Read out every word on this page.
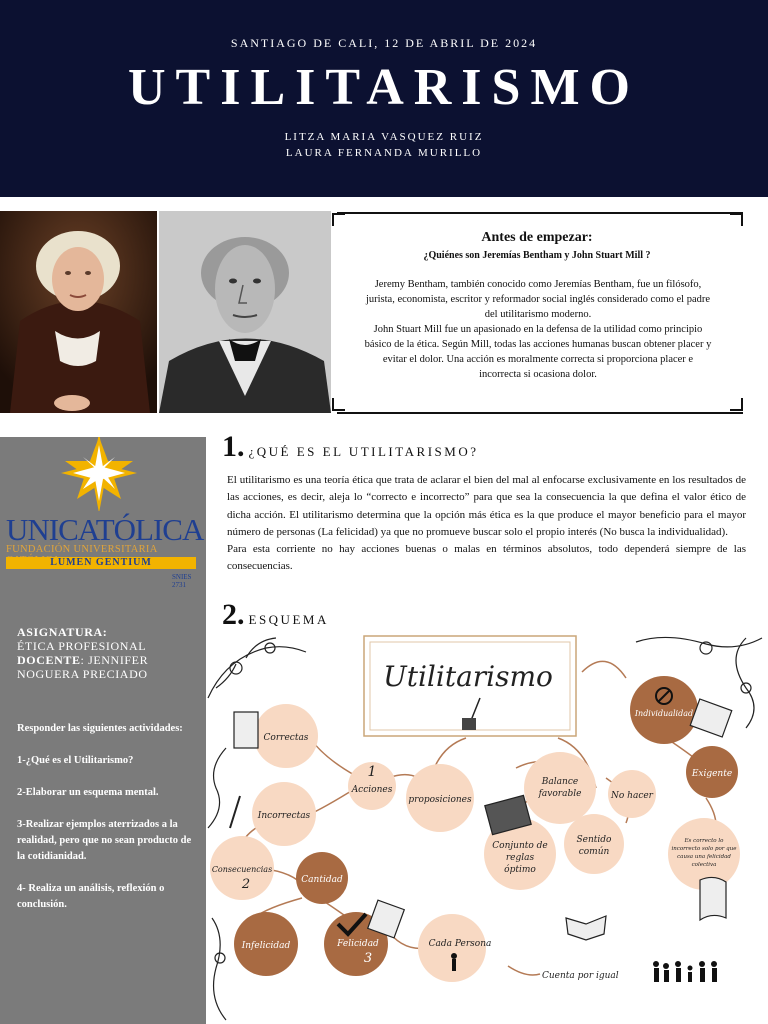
SANTIAGO DE CALI, 12 DE ABRIL DE 2024
UTILITARISMO
LITZA MARIA VASQUEZ RUIZ
LAURA FERNANDA MURILLO
Antes de empezar:
¿Quiénes son Jeremías Bentham y John Stuart Mill ?
Jeremy Bentham, también conocido como Jeremías Bentham, fue un filósofo, jurista, economista, escritor y reformador social inglés considerado como el padre del utilitarismo moderno.
John Stuart Mill fue un apasionado en la defensa de la utilidad como principio básico de la ética. Según Mill, todas las acciones humanas buscan obtener placer y evitar el dolor. Una acción es moralmente correcta si proporciona placer e incorrecta si ocasiona dolor.
UNICATÓLICA
FUNDACIÓN UNIVERSITARIA
LUMEN GENTIUM
SNIES 2731
ASIGNATURA:
ÉTICA PROFESIONAL
DOCENTE: JENNIFER NOGUERA PRECIADO

Responder las siguientes actividades:

1-¿Qué es el Utilitarismo?

2-Elaborar un esquema mental.

3-Realizar ejemplos aterrizados a la realidad, pero que no sean producto de la cotidianidad.

4- Realiza un análisis, reflexión o conclusión.

1. ¿QUÉ ES EL UTILITARISMO?

El utilitarismo es una teoría ética que trata de aclarar el bien del mal al enfocarse exclusivamente en los resultados de las acciones, es decir, aleja lo “correcto e incorrecto” para que sea la consecuencia la que defina el valor ético de dicha acción. El utilitarismo determina que la opción más ética es la que produce el mayor beneficio para el mayor número de personas (La felicidad) ya que no promueve buscar solo el propio interés (No busca la individualidad).

Para esta corriente no hay acciones buenas o malas en términos absolutos, todo dependerá siempre de las consecuencias.

2. ESQUEMA
Utilitarismo
Correctas
Incorrectas
1
Acciones
proposiciones
Consecuencias
2	Cantidad
Infelicidad	Felicidad
3
Cada Persona
Cuenta por igual
Balance
favorable	No hacer
Sentido
común
Conjunto de
reglas
óptimo
Individualidad
Exigente
Es correcto lo
incorrecto solo por que
causa una felicidad
colectiva
